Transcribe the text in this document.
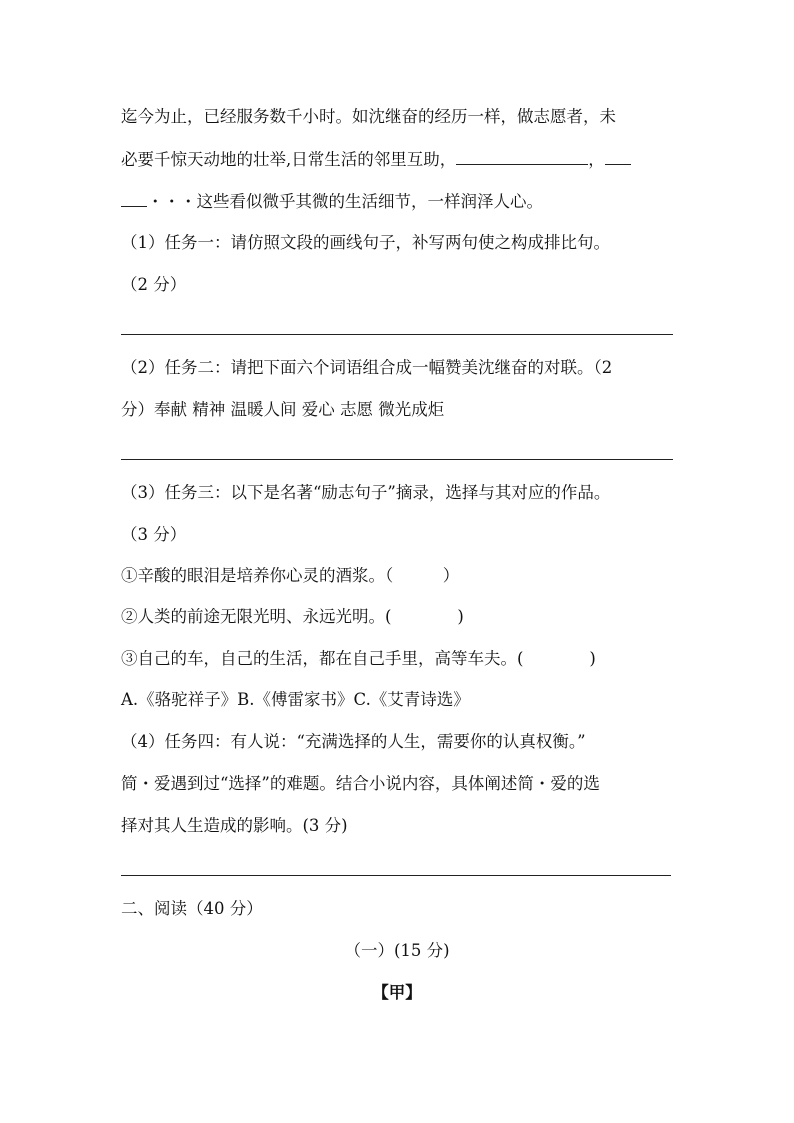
迄今为止，已经服务数千小时。如沈继奋的经历一样，做志愿者，未
必要千惊天动地的壮举,日常生活的邻里互助，	，
・・・这些看似微乎其微的生活细节，一样润泽人心。
（1）任务一：请仿照文段的画线句子，补写两句使之构成排比句。
（2 分）
（2）任务二：请把下面六个词语组合成一幅赞美沈继奋的对联。（2
分）奉献 精神 温暖人间 爱心 志愿 微光成炬
（3）任务三：以下是名著“励志句子”摘录，选择与其对应的作品。
（3 分）
①辛酸的眼泪是培养你心灵的酒浆。（　　　）
②人类的前途无限光明、永远光明。(　　　　)
③自己的车，自己的生活，都在自己手里，高等车夫。(　　　　)
A.《骆驼祥子》B.《傅雷家书》C.《艾青诗选》
（4）任务四：有人说：“充满选择的人生，需要你的认真权衡。”
简・爱遇到过“选择”的难题。结合小说内容，具体阐述简・爱的选
择对其人生造成的影响。(3 分)
二、阅读（40 分）
（一）(15 分)
【甲】
